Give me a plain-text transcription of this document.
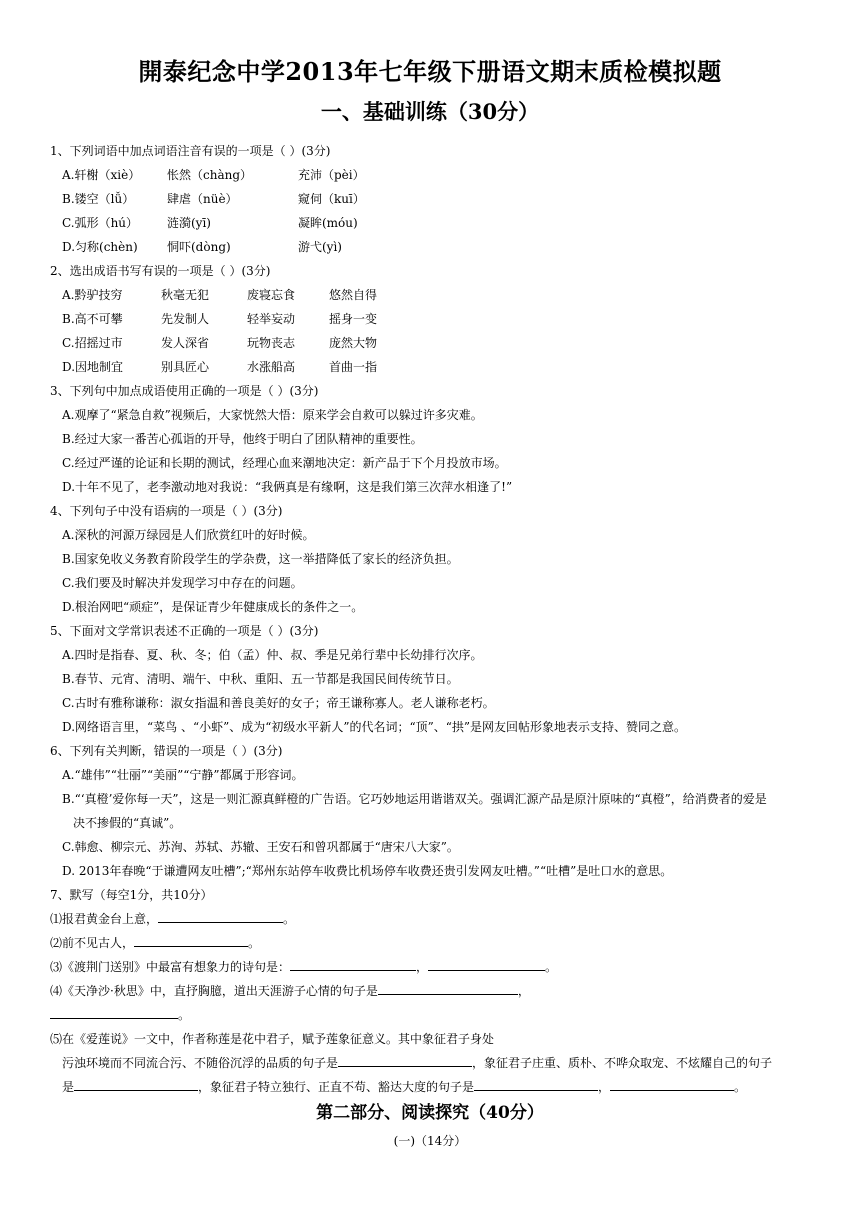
開泰纪念中学2013年七年级下册语文期末质检模拟题
一、基础训练（30分）
1、下列词语中加点词语注音有误的一项是（ ）(3分)
A.轩榭（xiè） 怅然（chàng）	充沛（pèi）
B.镂空（lǚ）	肆虐（nüè）	窥伺（kuī）
C.弧形（hú） 涟漪(yī)	凝眸(móu)
D.匀称(chèn) 恫吓(dòng)	游弋(yì)
2、选出成语书写有误的一项是（ ）(3分)
A.黔驴技穷	秋毫无犯	废寝忘食	悠然自得
B.高不可攀	先发制人	轻举妄动	摇身一变
C.招摇过市	发人深省	玩物丧志	庞然大物
D.因地制宜	别具匠心	水涨船高	首曲一指
3、下列句中加点成语使用正确的一项是（ ）(3分)
A.观摩了“紧急自救”视频后，大家恍然大悟：原来学会自救可以躲过许多灾难。
B.经过大家一番苦心孤诣的开导，他终于明白了团队精神的重要性。
C.经过严谨的论证和长期的测试，经理心血来潮地决定：新产品于下个月投放市场。
D.十年不见了，老李激动地对我说：“我俩真是有缘啊，这是我们第三次萍水相逢了!”
4、下列句子中没有语病的一项是（ ）(3分)
A.深秋的河源万绿园是人们欣赏红叶的好时候。
B.国家免收义务教育阶段学生的学杂费，这一举措降低了家长的经济负担。
C.我们要及时解决并发现学习中存在的问题。
D.根治网吧“顽症”，是保证青少年健康成长的条件之一。
5、下面对文学常识表述不正确的一项是（ ）(3分)
A.四时是指春、夏、秋、冬；伯（孟）仲、叔、季是兄弟行辈中长幼排行次序。
B.春节、元宵、清明、端午、中秋、重阳、五一节都是我国民间传统节日。
C.古时有雅称谦称：淑女指温和善良美好的女子；帝王谦称寡人。老人谦称老朽。
D.网络语言里，“菜鸟 、“小虾”、成为“初级水平新人”的代名词；“顶”、“拱”是网友回帖形象地表示支持、赞同之意。
6、下列有关判断，错误的一项是（ ）(3分)
A.“雄伟”“壮丽”“美丽”“宁静”都属于形容词。
B.“‘真橙’爱你每一天”，这是一则汇源真鲜橙的广告语。它巧妙地运用谐谐双关。强调汇源产品是原汁原味的“真橙”，给消费者的爱是
决不掺假的“真诚”。
C.韩愈、柳宗元、苏洵、苏轼、苏辙、王安石和曾巩都属于“唐宋八大家”。
D. 2013年春晚“于谦遭网友吐槽”;“郑州东站停车收费比机场停车收费还贵引发网友吐槽。”“吐槽”是吐口水的意思。
7、默写（每空1分，共10分）
⑴报君黄金台上意，	。
⑵前不见古人，	。
⑶《渡荆门送别》中最富有想象力的诗句是：	，	。
⑷《天净沙·秋思》中，直抒胸臆，道出天涯游子心情的句子是	，
。
⑸在《爱莲说》一文中，作者称莲是花中君子，赋予莲象征意义。其中象征君子身处
污浊环境而不同流合污、不随俗沉浮的品质的句子是	，象征君子庄重、质朴、不哗众取宠、不炫耀自己的句子
是	，象征君子特立独行、正直不苟、豁达大度的句子是	，	。
第二部分、阅读探究（40分）
(一)（14分）
